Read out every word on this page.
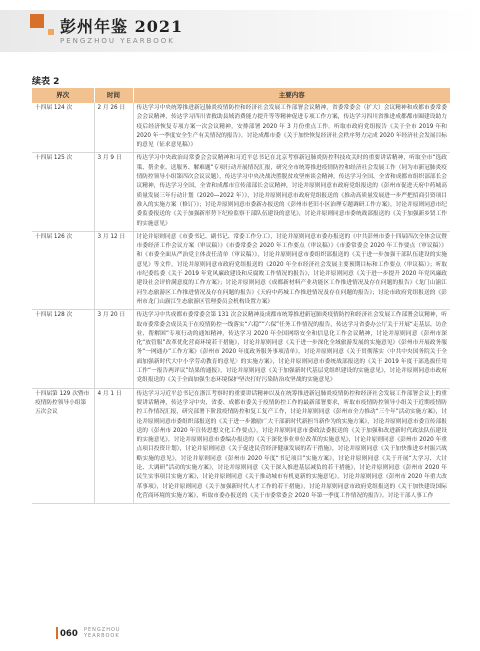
彭州年鉴 2021
PENGZHOU YEARBOOK
续表 2
界次	时间	主要内容
十四届 124 次	2 月 26 日	传达学习中央统筹推进新冠肺炎疫情防控和经济社会发展工作部署会议精神，省委常委会（扩大）会议精神和成都市委常委会会议精神，传达学习四川省救助县域消费能力提升等等精神促进专项工作方案，传达学习四川省推进成都都市圈建设助力疫后经济恢复专项方案一次会议精神，安排部署 2020 年 3 月份重点工作。听取市政府党组报告《关于全市 2019 年和 2020 年一季度安全生产有关情况的报告》。讨论成都市委《关于加快恢复经济社会秩序努力完成 2020 年经济社会发展目标的意见（征求意见稿）》
十四届 125 次	3 月 9 日	传达学习中央政治局常委会会议精神和习近平总书记在北京考察新冠肺炎防控科技攻关时的重要讲话精神，听取全市“选政策、帮企业、送服务、解难题”专项行动开展情况汇报，研究全市统筹推进疫情防控和经济社会发展工作（同为市新冠肺炎疫情防控领导小组第四次会议议题），传达学习中央决战决胜脱贫攻坚座谈会精神，传达学习全国、全省和成都市组织部部长会议精神，传达学习全国、全省和成都市宣传部部长会议精神，讨论并原则同意市政府党组报送的《彭州市促进天府中药城高质量发展三年行动计划（2020—2022 年）》，讨论并原则同意市政府党组报送的《推动高质量发展进一步严把招商引资项目准入的实施方案（修订）》；讨论并原则同意市委新办报送的《彭州市老旧小区治理专题调研工作方案》，讨论并原则同意市纪委监委报送的《关于加强新形势下纪检监察干部队伍建设的意见》，讨论并原则同意市委统战部报送的《关于加强新乡贤工作的实施意见》
十四届 126 次	3 月 12 日	讨论并原则同意《市委书记、副书记、常委工作分工》，讨论并原则同意市委办报送的《中共彭州市委十四届四次全体会议暨市委经济工作会议方案（审议稿）》《市委常委会 2020 年工作要点（审议稿）》《市委常委会 2020 年工作要点（审议稿）》和《市委全面从严治党主体责任清单（审议稿）》，讨论并原则同意市委组织部报送的《关于进一步加强干部队伍建设的实施意见》等文件，讨论并原则同意市政府党组报送的《2020 年全市经济社会发展主要预期目标和工作要点（审议稿）》；听取市纪委监委《关于 2019 年党风廉政建设和反腐败工作情况的报告》，讨论并原则同意《关于进一步提升 2020 年党风廉政建设社会评价满意度的工作方案》；讨论并原则同意《成都新材料产业功能区工作推进情况及存在问题的报告》《龙门山湔江河生态旅游区工作推进情况及存在问题的报告》《天府中药城工作推进情况及存在问题的报告》；讨论市政府党组报送的《彭州市龙门山湔江生态旅游区管理委员会机构设置方案》
十四届 128 次	3 月 20 日	传达学习中共成都市委常委会第 131 次会议精神及成都市统筹推进新冠肺炎疫情防控和经济社会发展工作部署会议精神，听取市委常委会成员关于在疫情防控一线落实“六稳”“六保”任务工作情况的报告，传达学习省委办公厅关于开展“走基层、访企业、帮解困”专项行动的通知精神，传达学习 2020 年全国网络安全和信息化工作会议精神，讨论并原则同意《彭州市深化“放管服”改革优化营商环境若干措施》，讨论并原则同意《关于进一步深化全域旅游发展的实施意见》《彭州市开展政务服务“一网通办”工作方案》《彭州市 2020 年度政务服务事项清单》，讨论并原则同意《关于贯彻落实〈中共中央国务院关于全面加强新时代大中小学劳动教育的意见〉的实施方案》，讨论并原则同意市委统战部报送的《关于 2019 年度干部选拔任用工作“一报告两评议”结果的通报》，讨论并原则同意《关于加强新时代基层党组织建设的实施意见》，讨论并原则同意市政府党组报送的《关于全面加强生态环境保护坚决打好污染防治攻坚战的实施意见》
十四届第 129 次暨市疫情防控领导小组第五次会议	4 月 1 日	传达学习习近平总书记在浙江考察时的重要讲话精神以及在统筹推进新冠肺炎疫情防控和经济社会发展工作部署会议上的重要讲话精神，传达学习中央、省委、成都市委关于疫情防控工作的最新部署要求，听取市疫情防控领导小组关于近期疫情防控工作情况汇报，研究部署下阶段疫情防控和复工复产工作，讨论并原则同意《彭州市全力推动“三个年”活动实施方案》，讨论并原则同意市委组织部报送的《关于进一步激励广大干部新时代新担当新作为的实施方案》，讨论并原则同意市委宣传部报送的《彭州市 2020 年宣传思想文化工作要点》，讨论并原则同意市委政法委报送的《关于加强和改进新时代政法队伍建设的实施意见》，讨论并原则同意市委编办报送的《关于深化事业单位改革的实施意见》，讨论并原则同意《彭州市 2020 年重点项目投资计划》，讨论并原则同意《关于促进民营经济健康发展的若干措施》，讨论并原则同意《关于加快推进乡村振兴战略实施的意见》，讨论并原则同意《彭州市 2020 年度“书记项目”实施方案》，讨论并原则同意《关于开展“大学习、大讨论、大调研”活动的实施方案》，讨论并原则同意《关于深入推进基层减负的若干措施》，讨论并原则同意《彭州市 2020 年民生实事项目实施方案》，讨论并原则同意《关于推动城市有机更新的实施意见》，讨论并原则同意《彭州市 2020 年重大改革事项》，讨论并原则同意《关于加强新时代人才工作的若干措施》，讨论并原则同意市政府党组报送的《关于加快建设国际化营商环境的实施方案》，听取市委办报送的《关于市委常委会 2020 年第一季度工作情况的报告》。讨论干部人事工作
060 PENGZHOU
YEARBOOK
